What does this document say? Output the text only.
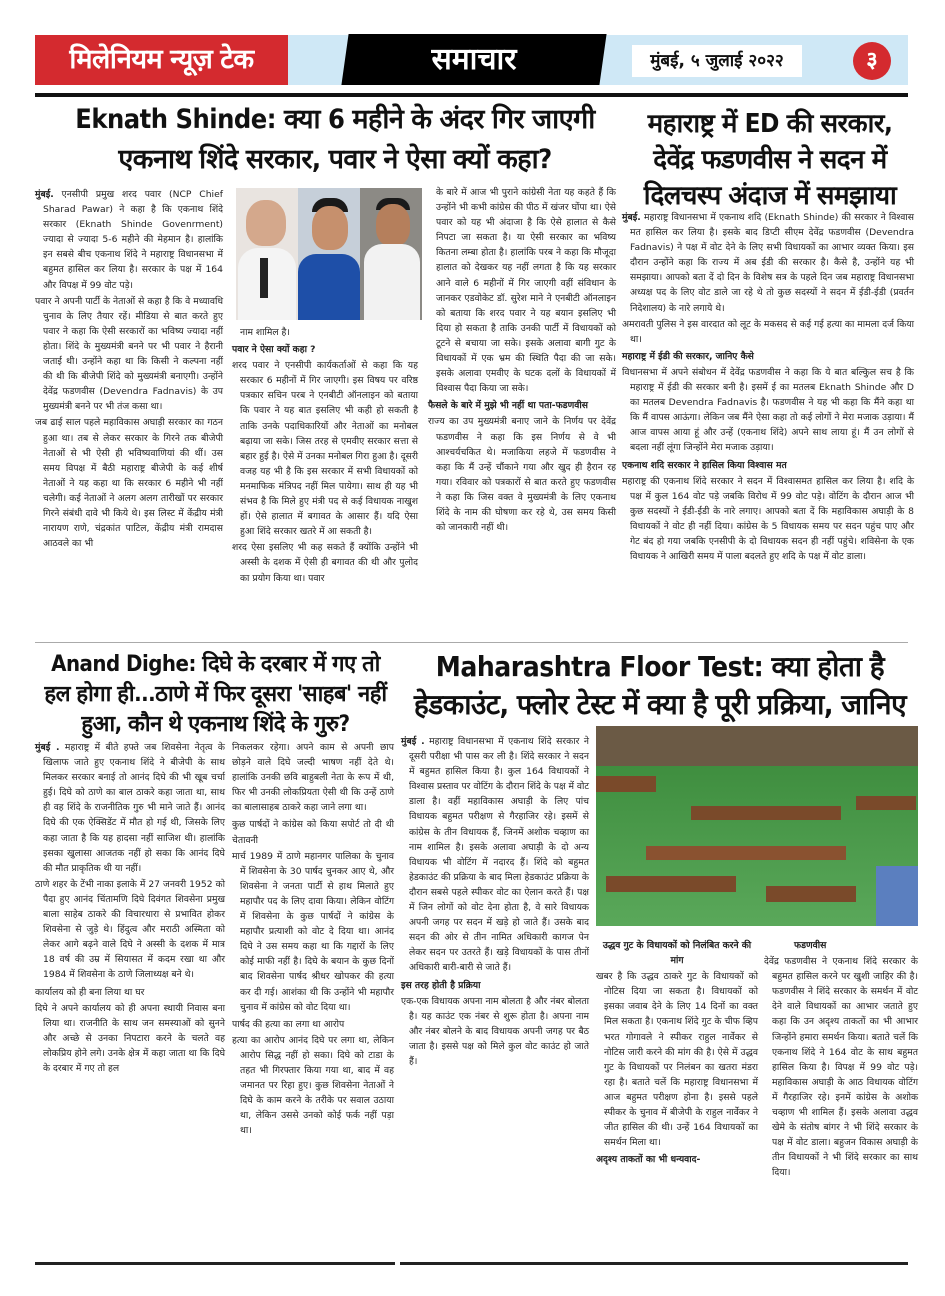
मिलेनियम न्यूज़ टेक	समाचार	मुंबई, ५ जुलाई २०२२	३
Eknath Shinde: क्या 6 महीने के अंदर गिर जाएगी एकनाथ शिंदे सरकार, पवार ने ऐसा क्यों कहा?

मुंबई. एनसीपी प्रमुख शरद पवार (NCP Chief Sharad Pawar) ने कहा है कि एकनाथ शिंदे सरकार (Eknath Shinde Govenrment) ज्यादा से ज्यादा 5-6 महीने की मेहमान है। हालांकि इन सबसे बीच एकनाथ शिंदे ने महाराष्ट्र विधानसभा में बहुमत हासिल कर लिया है। सरकार के पक्ष में 164 और विपक्ष में 99 वोट पड़े।

पवार ने अपनी पार्टी के नेताओं से कहा है कि वे मध्यावधि चुनाव के लिए तैयार रहें। मीडिया से बात करते हुए पवार ने कहा कि ऐसी सरकारों का भविष्य ज्यादा नहीं होता। शिंदे के मुख्यमंत्री बनने पर भी पवार ने हैरानी जताई थी। उन्होंने कहा था कि किसी ने कल्पना नहीं की थी कि बीजेपी शिंदे को मुख्यमंत्री बनाएगी। उन्होंने देवेंद्र फडणवीस (Devendra Fadnavis) के उप मुख्यमंत्री बनने पर भी तंज कसा था।

जब ढाई साल पहले महाविकास अघाड़ी सरकार का गठन हुआ था। तब से लेकर सरकार के गिरने तक बीजेपी नेताओं से भी ऐसी ही भविष्यवाणियां की थीं। उस समय विपक्ष में बैठी महाराष्ट्र बीजेपी के कई शीर्ष नेताओं ने यह कहा था कि सरकार 6 महीने भी नहीं चलेगी। कई नेताओं ने अलग अलग तारीखों पर सरकार गिरने संबंधी दावे भी किये थे। इस लिस्ट में केंद्रीय मंत्री नारायण राणे, चंद्रकांत पाटिल, केंद्रीय मंत्री रामदास आठवले का भी

नाम शामिल है।

पवार ने ऐसा क्यों कहा ?

शरद पवार ने एनसीपी कार्यकर्ताओं से कहा कि यह सरकार 6 महीनों में गिर जाएगी। इस विषय पर वरिष्ठ पत्रकार सचिन परब ने एनबीटी ऑनलाइन को बताया कि पवार ने यह बात इसलिए भी कही हो सकती है ताकि उनके पदाधिकारियों और नेताओं का मनोबल बढ़ाया जा सके। जिस तरह से एमवीए सरकार सत्ता से बहार हुई है। ऐसे में उनका मनोबल गिरा हुआ है। दूसरी वजह यह भी है कि इस सरकार में सभी विधायकों को मनमाफिक मंत्रिपद नहीं मिल पायेगा। साथ ही यह भी संभव है कि मिले हुए मंत्री पद से कई विधायक नाखुश हों। ऐसे हालात में बगावत के आसार हैं। यदि ऐसा हुआ शिंदे सरकार खतरे में आ सकती है।

शरद ऐसा इसलिए भी कह सकते हैं क्योंकि उन्होंने भी अस्सी के दशक में ऐसी ही बगावत की थी और पुलोद का प्रयोग किया था। पवार

के बारे में आज भी पुराने कांग्रेसी नेता यह कहते हैं कि उन्होंने भी कभी कांग्रेस की पीठ में खंजर घोंपा था। ऐसे पवार को यह भी अंदाजा है कि ऐसे हालात से कैसे निपटा जा सकता है। या ऐसी सरकार का भविष्य कितना लम्बा होता है। हालांकि परब ने कहा कि मौजूदा हालात को देखकर यह नहीं लगता है कि यह सरकार आने वाले 6 महीनों में गिर जाएगी वहीं संविधान के जानकर एडवोकेट डॉ. सुरेश माने ने एनबीटी ऑनलाइन को बताया कि शरद पवार ने यह बयान इसलिए भी दिया हो सकता है ताकि उनकी पार्टी में विधायकों को टूटने से बचाया जा सके। इसके अलावा बागी गुट के विधायकों में एक भ्रम की स्थिति पैदा की जा सके। इसके अलावा एमवीए के घटक दलों के विधायकों में विश्वास पैदा किया जा सके।

फैसले के बारे में मुझे भी नहीं था पता-फडणवीस

राज्य का उप मुख्यमंत्री बनाए जाने के निर्णय पर देवेंद्र फडणवीस ने कहा कि इस निर्णय से वे भी आश्चर्यचकित थे। मजाकिया लहजे में फडणवीस ने कहा कि मैं उन्हें चौंकाने गया और खुद ही हैरान रह गया। रविवार को पत्रकारों से बात करते हुए फडणवीस ने कहा कि जिस वक्त वे मुख्यमंत्री के लिए एकनाथ शिंदे के नाम की घोषणा कर रहे थे, उस समय किसी को जानकारी नहीं थी।

महाराष्ट्र में ED की सरकार, देवेंद्र फडणवीस ने सदन में दिलचस्प अंदाज में समझाया

मुंबई. महाराष्ट्र विधानसभा में एकनाथ शदि (Eknath Shinde) की सरकार ने विश्वास मत हासिल कर लिया है। इसके बाद डिप्टी सीएम देवेंद्र फडणवीस (Devendra Fadnavis) ने पक्ष में वोट देने के लिए सभी विधायकों का आभार व्यक्त किया। इस दौरान उन्होंने कहा कि राज्य में अब ईडी की सरकार है। कैसे है, उन्होंने यह भी समझाया। आपको बता दें दो दिन के विशेष सत्र के पहले दिन जब महाराष्ट्र विधानसभा अध्यक्ष पद के लिए वोट डाले जा रहे थे तो कुछ सदस्यों ने सदन में ईडी-ईडी (प्रवर्तन निदेशालय) के नारे लगाये थे।

अमरावती पुलिस ने इस वारदात को लूट के मकसद से कई गई हत्या का मामला दर्ज किया था।

महाराष्ट्र में ईडी की सरकार, जानिए कैसे

विधानसभा में अपने संबोधन में देवेंद्र फडणवीस ने कहा कि ये बात बल्किुल सच है कि महाराष्ट्र में ईडी की सरकार बनी है। इसमें ई का मतलब Eknath Shinde और D का मतलब Devendra Fadnavis है। फडणवीस ने यह भी कहा कि मैंने कहा था कि मैं वापस आऊंगा। लेकिन जब मैंने ऐसा कहा तो कई लोगों ने मेरा मजाक उड़ाया। मैं आज वापस आया हूं और उन्हें (एकनाथ शिंदे) अपने साथ लाया हूं। मैं उन लोगों से बदला नहीं लूंगा जिन्होंने मेरा मजाक उड़ाया।

एकनाथ शदि सरकार ने हासिल किया विश्वास मत

महाराष्ट्र की एकनाथ शिंदे सरकार ने सदन में विश्वासमत हासिल कर लिया है। शदि के पक्ष में कुल 164 वोट पड़े जबकि विरोध में 99 वोट पड़े। वोटिंग के दौरान आज भी कुछ सदस्यों ने ईडी-ईडी के नारे लगाए। आपको बता दें कि महाविकास अघाड़ी के 8 विधायकों ने वोट ही नहीं दिया। कांग्रेस के 5 विधायक समय पर सदन पहुंच पाए और गेट बंद हो गया जबकि एनसीपी के दो विधायक सदन ही नहीं पहुंचे। शविसेना के एक विधायक ने आखिरी समय में पाला बदलते हुए शदि के पक्ष में वोट डाला।

Anand Dighe: दिघे के दरबार में गए तो हल होगा ही...ठाणे में फिर दूसरा 'साहब' नहीं हुआ, कौन थे एकनाथ शिंदे के गुरु?

मुंबई . महाराष्ट्र में बीते हफ्ते जब शिवसेना नेतृत्व के खिलाफ जाते हुए एकनाथ शिंदे ने बीजेपी के साथ मिलकर सरकार बनाई तो आनंद दिघे की भी खूब चर्चा हुई। दिघे को ठाणे का बाल ठाकरे कहा जाता था, साथ ही वह शिंदे के राजनीतिक गुरु भी माने जाते हैं। आनंद दिघे की एक ऐक्सिडेंट में मौत हो गई थी, जिसके लिए कहा जाता है कि यह हादसा नहीं साजिश थी। हालांकि इसका खुलासा आजतक नहीं हो सका कि आनंद दिघे की मौत प्राकृतिक थी या नहीं।

ठाणे शहर के टेंभी नाका इलाके में 27 जनवरी 1952 को पैदा हुए आनंद चिंतामणि दिघे दिवंगत शिवसेना प्रमुख बाला साहेब ठाकरे की विचारधारा से प्रभावित होकर शिवसेना से जुड़े थे। हिंदुत्व और मराठी अस्मिता को लेकर आगे बढ़ने वाले दिघे ने अस्सी के दशक में मात्र 18 वर्ष की उम्र में सियासत में कदम रखा था और 1984 में शिवसेना के ठाणे जिलाध्यक्ष बने थे।

कार्यालय को ही बना लिया था घर

दिघे ने अपने कार्यालय को ही अपना स्थायी निवास बना लिया था। राजनीति के साथ जन समस्याओं को सुनने और अच्छे से उनका निपटारा करने के चलते वह लोकप्रिय होने लगे। उनके क्षेत्र में कहा जाता था कि दिघे के दरबार में गए तो हल

निकलकर रहेगा। अपने काम से अपनी छाप छोड़ने वाले दिघे जल्दी भाषण नहीं देते थे। हालांकि उनकी छवि बाहुबली नेता के रूप में थी, फिर भी उनकी लोकप्रियता ऐसी थी कि उन्हें ठाणे का बालासाहब ठाकरे कहा जाने लगा था।

कुछ पार्षदों ने कांग्रेस को किया सपोर्ट तो दी थी चेतावनी

मार्च 1989 में ठाणे महानगर पालिका के चुनाव में शिवसेना के 30 पार्षद चुनकर आए थे, और शिवसेना ने जनता पार्टी से हाथ मिलाते हुए महापौर पद के लिए दावा किया। लेकिन वोटिंग में शिवसेना के कुछ पार्षदों ने कांग्रेस के महापौर प्रत्याशी को वोट दे दिया था। आनंद दिघे ने उस समय कहा था कि गद्दारों के लिए कोई माफी नहीं है। दिघे के बयान के कुछ दिनों बाद शिवसेना पार्षद श्रीधर खोपकर की हत्या कर दी गई। आशंका थी कि उन्होंने भी महापौर चुनाव में कांग्रेस को वोट दिया था।

पार्षद की हत्या का लगा था आरोप

हत्या का आरोप आनंद दिघे पर लगा था, लेकिन आरोप सिद्ध नहीं हो सका। दिघे को टाडा के तहत भी गिरफ्तार किया गया था, बाद में वह जमानत पर रिहा हुए। कुछ शिवसेना नेताओं ने दिघे के काम करने के तरीके पर सवाल उठाया था, लेकिन उससे उनको कोई फर्क नहीं पड़ा था।

Maharashtra Floor Test: क्या होता है हेडकाउंट, फ्लोर टेस्ट में क्या है पूरी प्रक्रिया, जानिए

मुंबई . महाराष्ट्र विधानसभा में एकनाथ शिंदे सरकार ने दूसरी परीक्षा भी पास कर ली है। शिंदे सरकार ने सदन में बहुमत हासिल किया है। कुल 164 विधायकों ने विश्वास प्रस्ताव पर वोटिंग के दौरान शिंदे के पक्ष में वोट डाला है। वहीं महाविकास अघाड़ी के लिए पांच विधायक बहुमत परीक्षण से गैरहाजिर रहे। इसमें से कांग्रेस के तीन विधायक हैं, जिनमें अशोक चव्हाण का नाम शामिल है। इसके अलावा अघाड़ी के दो अन्य विधायक भी वोटिंग में नदारद हैं। शिंदे को बहुमत हेडकाउंट की प्रक्रिया के बाद मिला हेडकाउंट प्रक्रिया के दौरान सबसे पहले स्पीकर वोट का ऐलान करते हैं। पक्ष में जिन लोगों को वोट देना होता है, वे सारे विधायक अपनी जगह पर सदन में खड़े हो जाते हैं। उसके बाद सदन की ओर से तीन नामित अधिकारी कागज पेन लेकर सदन पर उतरते हैं। खड़े विधायकों के पास तीनों अधिकारी बारी-बारी से जाते हैं।

इस तरह होती है प्रक्रिया

एक-एक विधायक अपना नाम बोलता है और नंबर बोलता है। यह काउंट एक नंबर से शुरू होता है। अपना नाम और नंबर बोलने के बाद विधायक अपनी जगह पर बैठ जाता है। इससे पक्ष को मिले कुल वोट काउंट हो जाते हैं।

उद्धव गुट के विधायकों को निलंबित करने की मांग

खबर है कि उद्धव ठाकरे गुट के विधायकों को नोटिस दिया जा सकता है। विधायकों को इसका जवाब देने के लिए 14 दिनों का वक्त मिल सकता है। एकनाथ शिंदे गुट के चीफ व्हिप भरत गोगावले ने स्पीकर राहुल नार्वेकर से नोटिस जारी करने की मांग की है। ऐसे में उद्धव गुट के विधायकों पर निलंबन का खतरा मंडरा रहा है। बताते चलें कि महाराष्ट्र विधानसभा में आज बहुमत परीक्षण होना है। इससे पहले स्पीकर के चुनाव में बीजेपी के राहुल नार्वेकर ने जीत हासिल की थी। उन्हें 164 विधायकों का समर्थन मिला था।

अदृश्य ताकतों का भी धन्यवाद-

फडणवीस

देवेंद्र फडणवीस ने एकनाथ शिंदे सरकार के बहुमत हासिल करने पर खुशी जाहिर की है। फडणवीस ने शिंदे सरकार के समर्थन में वोट देने वाले विधायकों का आभार जताते हुए कहा कि उन अदृश्य ताकतों का भी आभार जिन्होंने हमारा समर्थन किया। बताते चलें कि एकनाथ शिंदे ने 164 वोट के साथ बहुमत हासिल किया है। विपक्ष में 99 वोट पड़े। महाविकास अघाड़ी के आठ विधायक वोटिंग में गैरहाजिर रहे। इनमें कांग्रेस के अशोक चव्हाण भी शामिल हैं। इसके अलावा उद्धव खेमे के संतोष बांगर ने भी शिंदे सरकार के पक्ष में वोट डाला। बहुजन विकास अघाड़ी के तीन विधायकों ने भी शिंदे सरकार का साथ दिया।
